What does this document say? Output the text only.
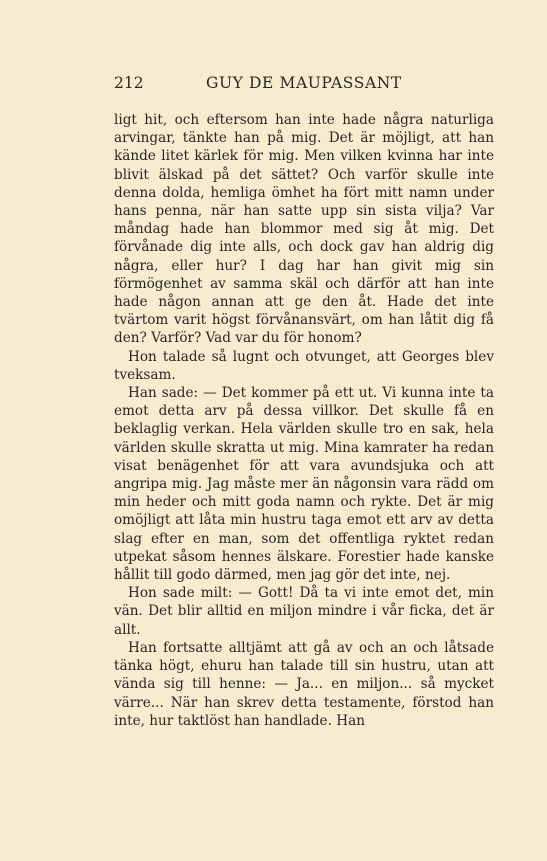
212	GUY DE MAUPASSANT

ligt hit, och eftersom han inte hade några naturliga arvingar, tänkte han på mig. Det är möjligt, att han kände litet kärlek för mig. Men vilken kvinna har inte blivit älskad på det sättet? Och varför skulle inte denna dolda, hemliga ömhet ha fört mitt namn under hans penna, när han satte upp sin sista vilja? Var måndag hade han blommor med sig åt mig. Det förvånade dig inte alls, och dock gav han aldrig dig några, eller hur? I dag har han givit mig sin förmögenhet av samma skäl och därför att han inte hade någon annan att ge den åt. Hade det inte tvärtom varit högst förvånansvärt, om han låtit dig få den? Varför? Vad var du för honom?

Hon talade så lugnt och otvunget, att Georges blev tveksam.

Han sade: — Det kommer på ett ut. Vi kunna inte ta emot detta arv på dessa villkor. Det skulle få en beklaglig verkan. Hela världen skulle tro en sak, hela världen skulle skratta ut mig. Mina kamrater ha redan visat benägenhet för att vara avundsjuka och att angripa mig. Jag måste mer än någonsin vara rädd om min heder och mitt goda namn och rykte. Det är mig omöjligt att låta min hustru taga emot ett arv av detta slag efter en man, som det offentliga ryktet redan utpekat såsom hennes älskare. Forestier hade kanske hållit till godo därmed, men jag gör det inte, nej.

Hon sade milt: — Gott! Då ta vi inte emot det, min vän. Det blir alltid en miljon mindre i vår ficka, det är allt.

Han fortsatte alltjämt att gå av och an och låtsade tänka högt, ehuru han talade till sin hustru, utan att vända sig till henne: — Ja... en miljon... så mycket värre... När han skrev detta testamente, förstod han inte, hur taktlöst han handlade. Han
